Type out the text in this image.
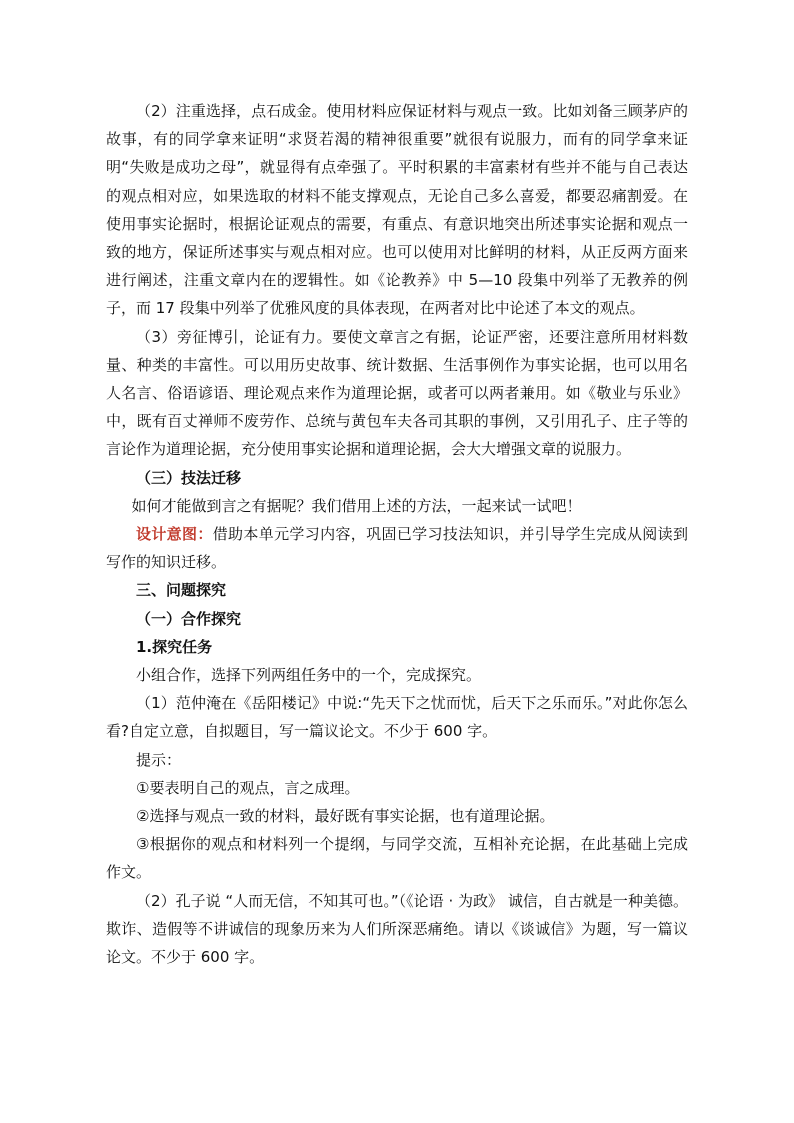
（2）注重选择，点石成金。使用材料应保证材料与观点一致。比如刘备三顾茅庐的故事，有的同学拿来证明“求贤若渴的精神很重要”就很有说服力，而有的同学拿来证明“失败是成功之母”，就显得有点牵强了。平时积累的丰富素材有些并不能与自己表达的观点相对应，如果选取的材料不能支撑观点，无论自己多么喜爱，都要忍痛割爱。在使用事实论据时，根据论证观点的需要，有重点、有意识地突出所述事实论据和观点一致的地方，保证所述事实与观点相对应。也可以使用对比鲜明的材料，从正反两方面来进行阐述，注重文章内在的逻辑性。如《论教养》中 5—10 段集中列举了无教养的例子，而 17 段集中列举了优雅风度的具体表现，在两者对比中论述了本文的观点。

（3）旁征博引，论证有力。要使文章言之有据，论证严密，还要注意所用材料数量、种类的丰富性。可以用历史故事、统计数据、生活事例作为事实论据，也可以用名人名言、俗语谚语、理论观点来作为道理论据，或者可以两者兼用。如《敬业与乐业》中，既有百丈禅师不废劳作、总统与黄包车夫各司其职的事例，又引用孔子、庄子等的言论作为道理论据，充分使用事实论据和道理论据，会大大增强文章的说服力。

（三）技法迁移

如何才能做到言之有据呢？我们借用上述的方法，一起来试一试吧！

设计意图：借助本单元学习内容，巩固已学习技法知识，并引导学生完成从阅读到写作的知识迁移。

三、问题探究

（一）合作探究

1.探究任务

小组合作，选择下列两组任务中的一个，完成探究。

（1）范仲淹在《岳阳楼记》中说:“先天下之忧而忧，后天下之乐而乐。”对此你怎么看?自定立意，自拟题目，写一篇议论文。不少于 600 字。

提示：

①要表明自己的观点，言之成理。

②选择与观点一致的材料，最好既有事实论据，也有道理论据。

③根据你的观点和材料列一个提纲，与同学交流，互相补充论据，在此基础上完成作文。

（2）孔子说 “人而无信，不知其可也。”（《论语 · 为政》 诚信，自古就是一种美德。欺诈、造假等不讲诚信的现象历来为人们所深恶痛绝。请以《谈诚信》为题，写一篇议论文。不少于 600 字。
